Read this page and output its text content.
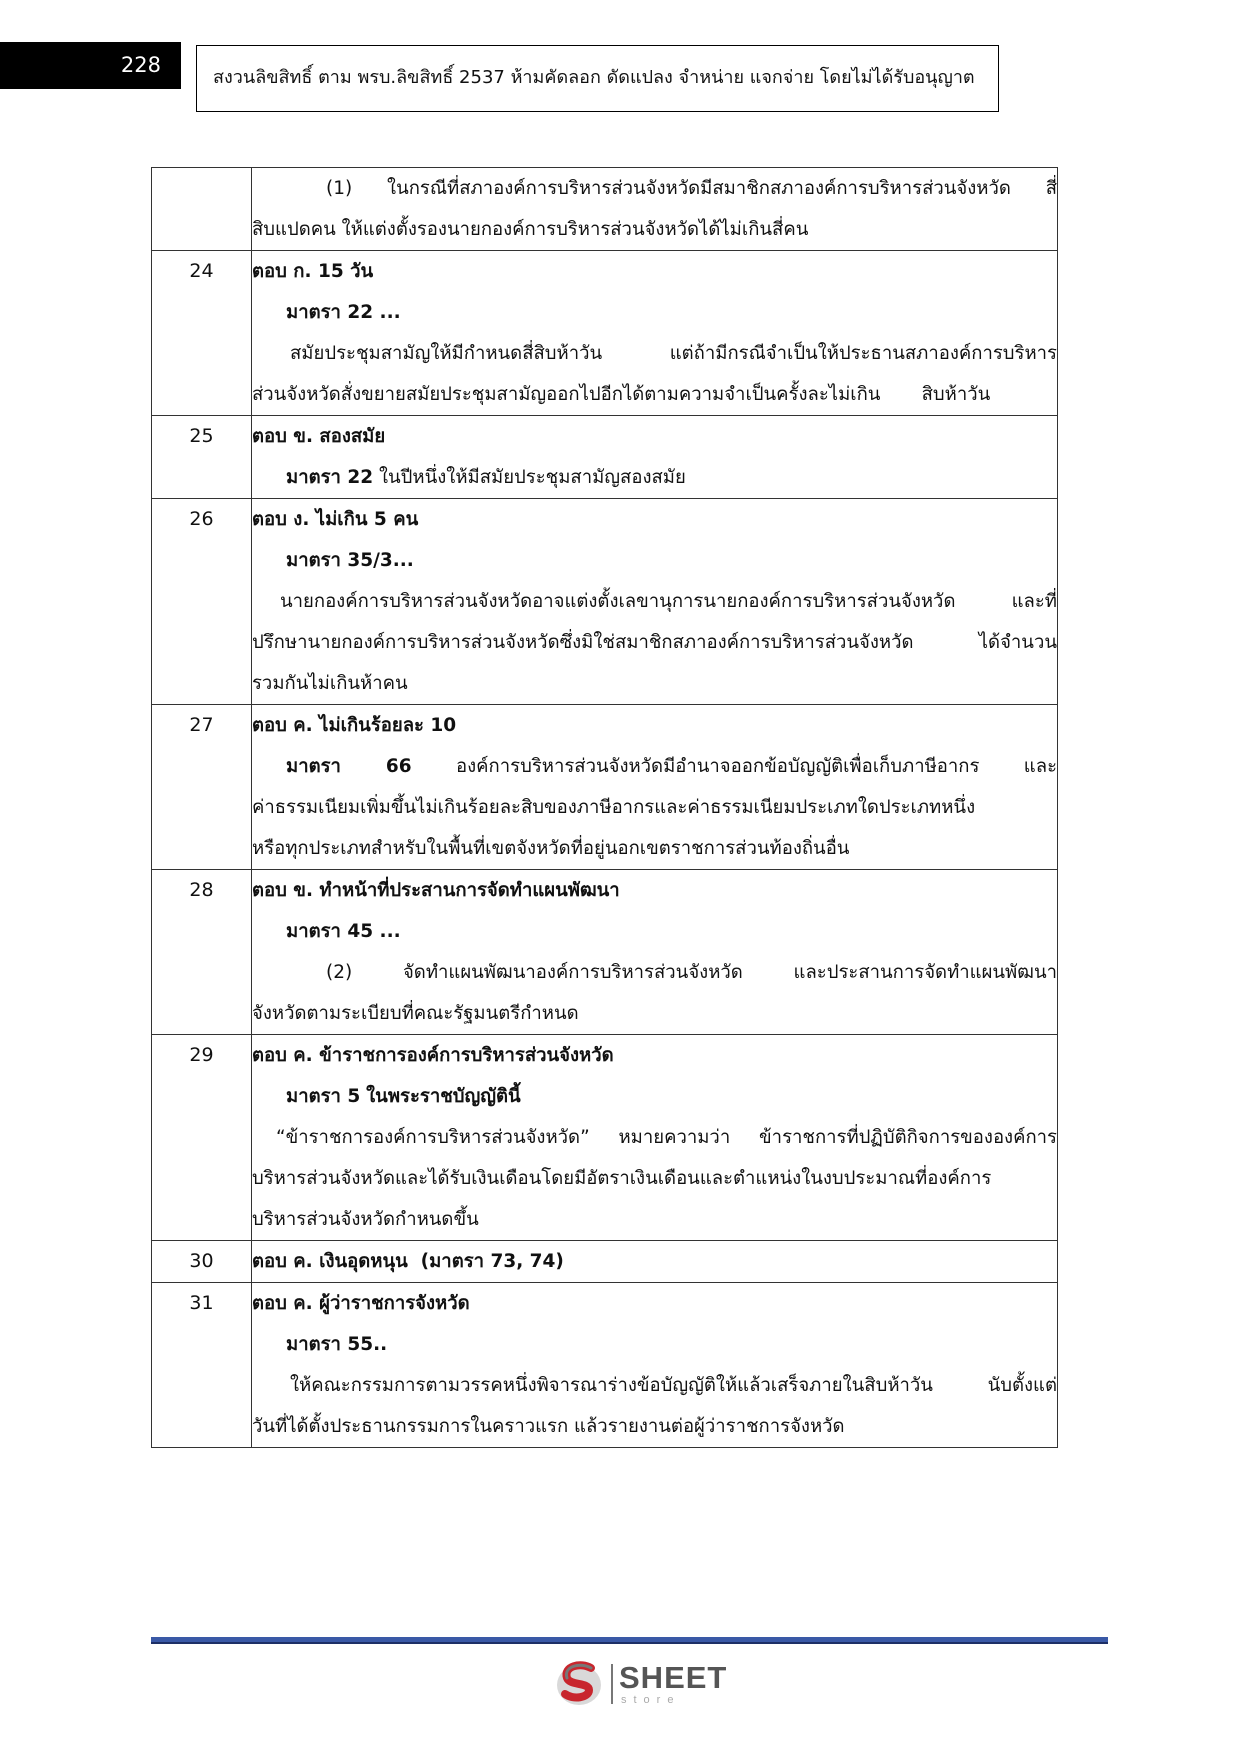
228
สงวนลิขสิทธิ์ ตาม พรบ.ลิขสิทธิ์ 2537 ห้ามคัดลอก ดัดแปลง จำหน่าย แจกจ่าย โดยไม่ได้รับอนุญาต

	(1) ในกรณีที่สภาองค์การบริหารส่วนจังหวัดมีสมาชิกสภาองค์การบริหารส่วนจังหวัด สี่
สิบแปดคน ให้แต่งตั้งรองนายกองค์การบริหารส่วนจังหวัดได้ไม่เกินสี่คน

24	ตอบ ก. 15 วัน
มาตรา 22 ...
สมัยประชุมสามัญให้มีกำหนดสี่สิบห้าวัน แต่ถ้ามีกรณีจำเป็นให้ประธานสภาองค์การบริหาร
ส่วนจังหวัดสั่งขยายสมัยประชุมสามัญออกไปอีกได้ตามความจำเป็นครั้งละไม่เกิน       สิบห้าวัน

25	ตอบ ข. สองสมัย
มาตรา 22 ในปีหนึ่งให้มีสมัยประชุมสามัญสองสมัย

26	ตอบ ง. ไม่เกิน 5 คน
มาตรา 35/3...
นายกองค์การบริหารส่วนจังหวัดอาจแต่งตั้งเลขานุการนายกองค์การบริหารส่วนจังหวัด และที่
ปรึกษานายกองค์การบริหารส่วนจังหวัดซึ่งมิใช่สมาชิกสภาองค์การบริหารส่วนจังหวัด ได้จำนวน
รวมกันไม่เกินห้าคน

27	ตอบ ค. ไม่เกินร้อยละ 10
มาตรา 66 องค์การบริหารส่วนจังหวัดมีอำนาจออกข้อบัญญัติเพื่อเก็บภาษีอากร และ
ค่าธรรมเนียมเพิ่มขึ้นไม่เกินร้อยละสิบของภาษีอากรและค่าธรรมเนียมประเภทใดประเภทหนึ่ง
หรือทุกประเภทสำหรับในพื้นที่เขตจังหวัดที่อยู่นอกเขตราชการส่วนท้องถิ่นอื่น

28	ตอบ ข. ทำหน้าที่ประสานการจัดทำแผนพัฒนา
มาตรา 45 ...
(2) จัดทำแผนพัฒนาองค์การบริหารส่วนจังหวัด และประสานการจัดทำแผนพัฒนา
จังหวัดตามระเบียบที่คณะรัฐมนตรีกำหนด

29	ตอบ ค. ข้าราชการองค์การบริหารส่วนจังหวัด
มาตรา 5 ในพระราชบัญญัตินี้
“ข้าราชการองค์การบริหารส่วนจังหวัด” หมายความว่า ข้าราชการที่ปฏิบัติกิจการขององค์การ
บริหารส่วนจังหวัดและได้รับเงินเดือนโดยมีอัตราเงินเดือนและตำแหน่งในงบประมาณที่องค์การ
บริหารส่วนจังหวัดกำหนดขึ้น

30	ตอบ ค. เงินอุดหนุน  (มาตรา 73, 74)

31	ตอบ ค. ผู้ว่าราชการจังหวัด
มาตรา 55..
ให้คณะกรรมการตามวรรคหนึ่งพิจารณาร่างข้อบัญญัติให้แล้วเสร็จภายในสิบห้าวัน นับตั้งแต่
วันที่ได้ตั้งประธานกรรมการในคราวแรก แล้วรายงานต่อผู้ว่าราชการจังหวัด
SHEET
store
